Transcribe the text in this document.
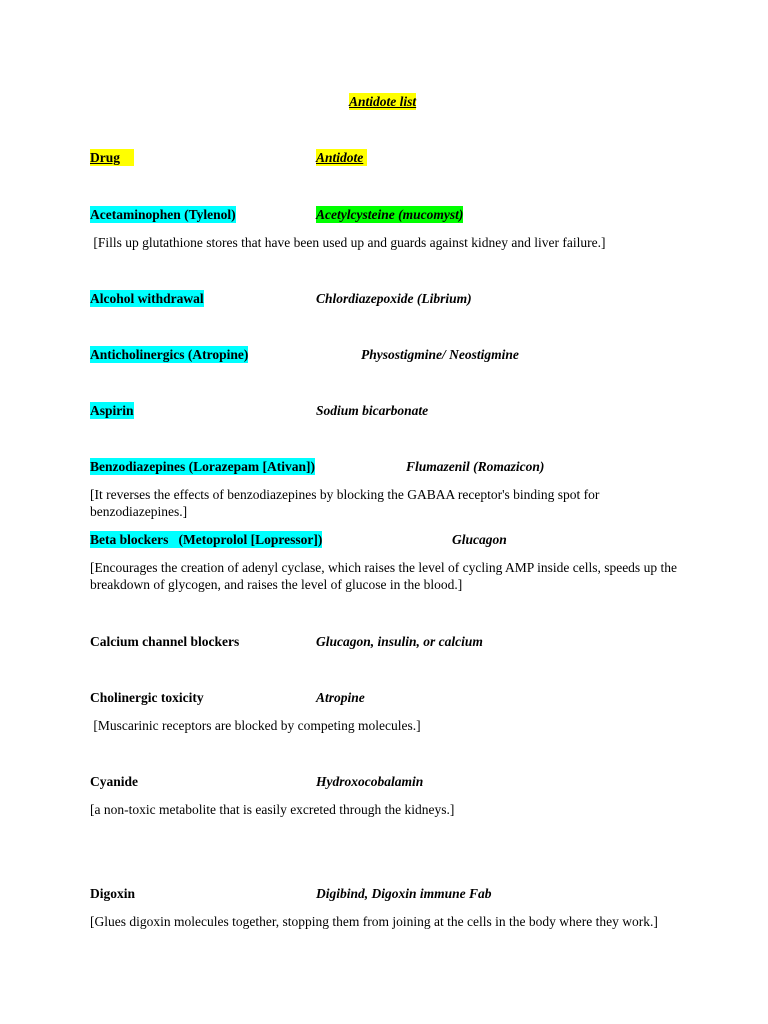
Antidote list
Drug	Antidote
Acetaminophen (Tylenol)	Acetylcysteine (mucomyst)
[Fills up glutathione stores that have been used up and guards against kidney and liver failure.]
Alcohol withdrawal	Chlordiazepoxide (Librium)
Anticholinergics (Atropine)	Physostigmine/ Neostigmine
Aspirin	Sodium bicarbonate
Benzodiazepines (Lorazepam [Ativan])	Flumazenil (Romazicon)
[It reverses the effects of benzodiazepines by blocking the GABAA receptor's binding spot for benzodiazepines.]
Beta blockers   (Metoprolol [Lopressor])	Glucagon
[Encourages the creation of adenyl cyclase, which raises the level of cycling AMP inside cells, speeds up the breakdown of glycogen, and raises the level of glucose in the blood.]
Calcium channel blockers	Glucagon, insulin, or calcium
Cholinergic toxicity	Atropine
[Muscarinic receptors are blocked by competing molecules.]
Cyanide	Hydroxocobalamin
[a non-toxic metabolite that is easily excreted through the kidneys.]
Digoxin	Digibind, Digoxin immune Fab
[Glues digoxin molecules together, stopping them from joining at the cells in the body where they work.]
